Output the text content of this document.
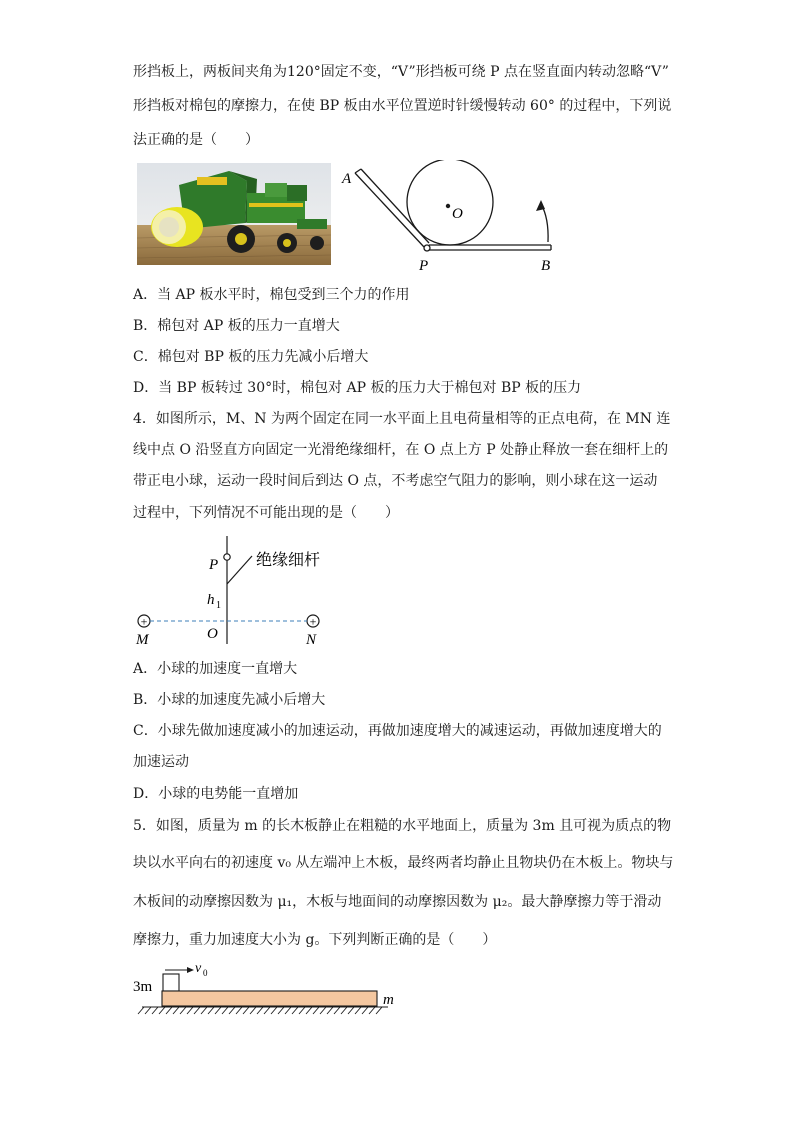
形挡板上，两板间夹角为120°固定不变，“V”形挡板可绕 P 点在竖直面内转动忽略“V”
形挡板对棉包的摩擦力，在使 BP 板由水平位置逆时针缓慢转动 60° 的过程中，下列说
法正确的是（　　）
A
O
P	B
A．当 AP 板水平时，棉包受到三个力的作用
B．棉包对 AP 板的压力一直增大
C．棉包对 BP 板的压力先减小后增大
D．当 BP 板转过 30°时，棉包对 AP 板的压力大于棉包对 BP 板的压力
4．如图所示，M、N 为两个固定在同一水平面上且电荷量相等的正点电荷，在 MN 连
线中点 O 沿竖直方向固定一光滑绝缘细杆，在 O 点上方 P 处静止释放一套在细杆上的
带正电小球，运动一段时间后到达 O 点，不考虑空气阻力的影响，则小球在这一运动
过程中，下列情况不可能出现的是（　　）
+	+
P 绝缘细杆
h 1
M	O	N
A．小球的加速度一直增大
B．小球的加速度先减小后增大
C．小球先做加速度减小的加速运动，再做加速度增大的减速运动，再做加速度增大的
加速运动
D．小球的电势能一直增加
5．如图，质量为 m 的长木板静止在粗糙的水平地面上，质量为 3m 且可视为质点的物
块以水平向右的初速度 v₀ 从左端冲上木板，最终两者均静止且物块仍在木板上。物块与
木板间的动摩擦因数为 μ₁，木板与地面间的动摩擦因数为 μ₂。最大静摩擦力等于滑动
摩擦力，重力加速度大小为 g。下列判断正确的是（　　）
v 0
3m
m
